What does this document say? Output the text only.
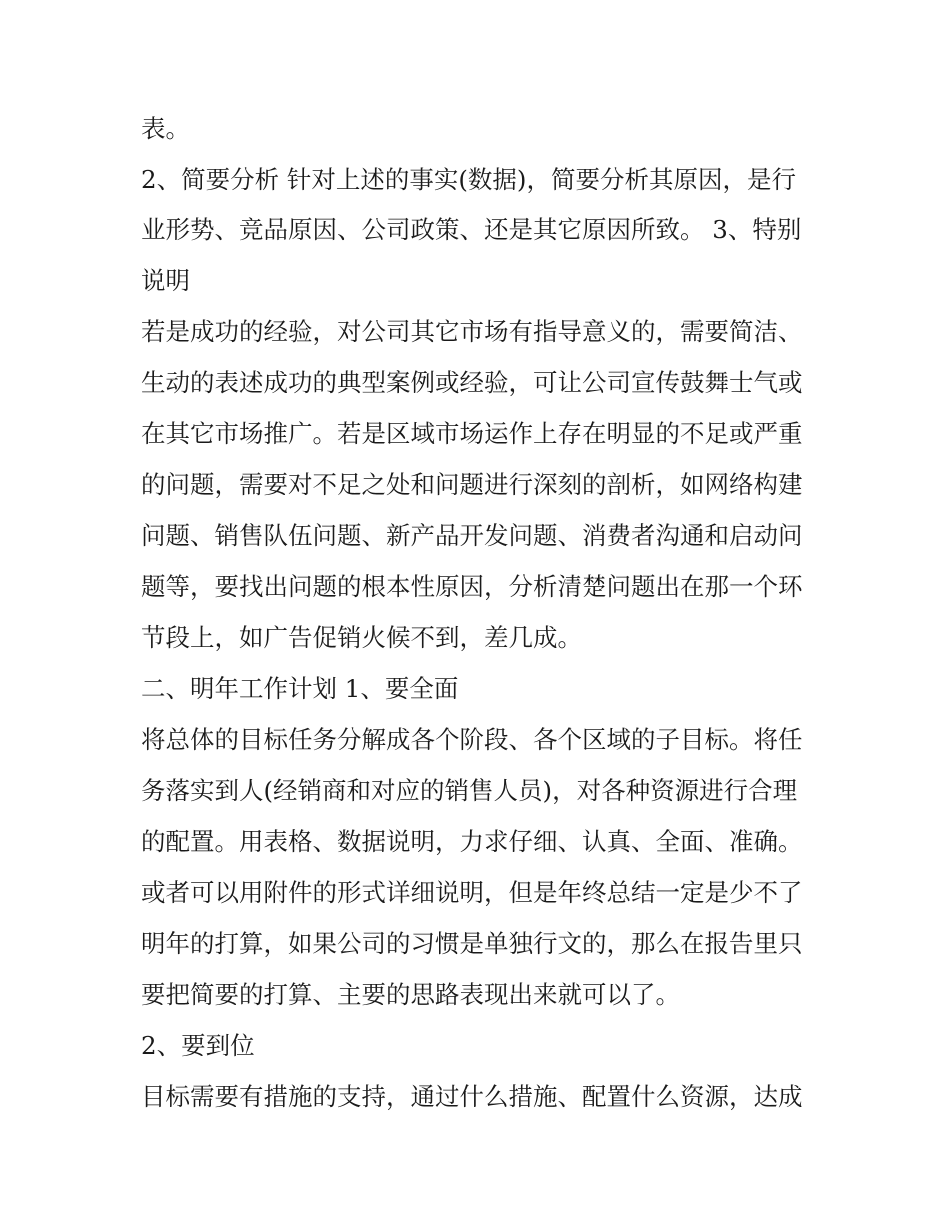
表。

2、简要分析 针对上述的事实(数据)，简要分析其原因，是行

业形势、竞品原因、公司政策、还是其它原因所致。 3、特别

说明

若是成功的经验，对公司其它市场有指导意义的，需要简洁、

生动的表述成功的典型案例或经验，可让公司宣传鼓舞士气或

在其它市场推广。若是区域市场运作上存在明显的不足或严重

的问题，需要对不足之处和问题进行深刻的剖析，如网络构建

问题、销售队伍问题、新产品开发问题、消费者沟通和启动问

题等，要找出问题的根本性原因，分析清楚问题出在那一个环

节段上，如广告促销火候不到，差几成。

二、明年工作计划 1、要全面

将总体的目标任务分解成各个阶段、各个区域的子目标。将任

务落实到人(经销商和对应的销售人员)，对各种资源进行合理

的配置。用表格、数据说明，力求仔细、认真、全面、准确。

或者可以用附件的形式详细说明，但是年终总结一定是少不了

明年的打算，如果公司的习惯是单独行文的，那么在报告里只

要把简要的打算、主要的思路表现出来就可以了。

2、要到位

目标需要有措施的支持，通过什么措施、配置什么资源，达成
